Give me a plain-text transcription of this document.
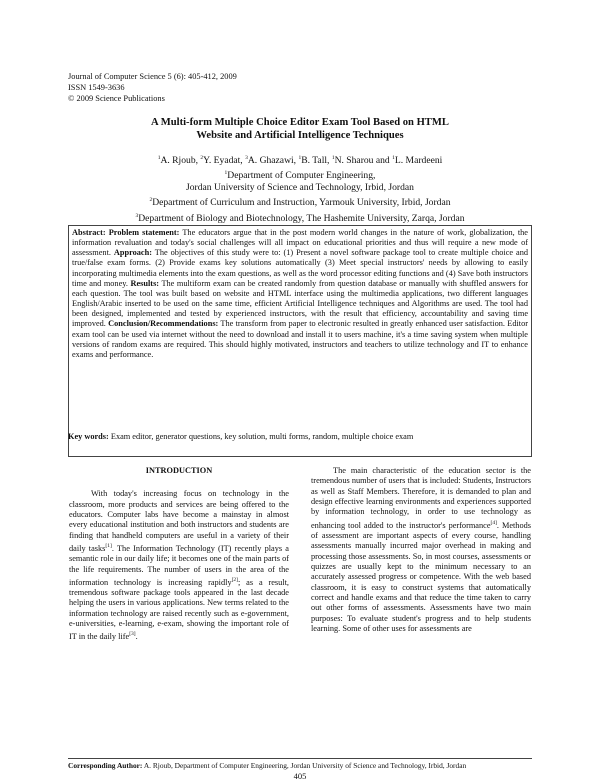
Journal of Computer Science 5 (6): 405-412, 2009
ISSN 1549-3636
© 2009 Science Publications
A Multi-form Multiple Choice Editor Exam Tool Based on HTML
Website and Artificial Intelligence Techniques
$^1$A. Rjoub, $^2$Y. Eyadat, $^3$A. Ghazawi, $^1$B. Tall, $^1$N. Sharou and $^1$L. Mardeeni
$^1$Department of Computer Engineering,
Jordan University of Science and Technology, Irbid, Jordan
$^2$Department of Curriculum and Instruction, Yarmouk University, Irbid, Jordan
$^3$Department of Biology and Biotechnology, The Hashemite University, Zarqa, Jordan
Abstract: Problem statement: The educators argue that in the post modern world changes in the nature of work, globalization, the information revaluation and today's social challenges will all impact on educational priorities and thus will require a new mode of assessment. Approach: The objectives of this study were to: (1) Present a novel software package tool to create multiple choice and true/false exam forms. (2) Provide exams key solutions automatically (3) Meet special instructors' needs by allowing to easily incorporating multimedia elements into the exam questions, as well as the word processor editing functions and (4) Save both instructors time and money. Results: The multiform exam can be created randomly from question database or manually with shuffled answers for each question. The tool was built based on website and HTML interface using the multimedia applications, two different languages English/Arabic inserted to be used on the same time, efficient Artificial Intelligence techniques and Algorithms are used. The tool had been designed, implemented and tested by experienced instructors, with the result that efficiency, accountability and saving time improved. Conclusion/Recommendations: The transform from paper to electronic resulted in greatly enhanced user satisfaction. Editor exam tool can be used via internet without the need to download and install it to users machine, it's a time saving system when multiple versions of random exams are required. This should highly motivated, instructors and teachers to utilize technology and IT to enhance exams and performance.
Key words: Exam editor, generator questions, key solution, multi forms, random, multiple choice exam

INTRODUCTION

With today's increasing focus on technology in the classroom, more products and services are being offered to the educators. Computer labs have become a mainstay in almost every educational institution and both instructors and students are finding that handheld computers are useful in a variety of their daily tasks[1]. The Information Technology (IT) recently plays a semantic role in our daily life; it becomes one of the main parts of the life requirements. The number of users in the area of the information technology is increasing rapidly[2]; as a result, tremendous software package tools appeared in the last decade helping the users in various applications. New terms related to the information technology are raised recently such as e-government, e-universities, e-learning, e-exam, showing the important role of IT in the daily life[3].

The main characteristic of the education sector is the tremendous number of users that is included: Students, Instructors as well as Staff Members. Therefore, it is demanded to plan and design effective learning environments and experiences supported by information technology, in order to use technology as enhancing tool added to the instructor's performance[4]. Methods of assessment are important aspects of every course, handling assessments manually incurred major overhead in making and processing those assessments. So, in most courses, assessments or quizzes are usually kept to the minimum necessary to an accurately assessed progress or competence. With the web based classroom, it is easy to construct systems that automatically correct and handle exams and that reduce the time taken to carry out other forms of assessments. Assessments have two main purposes: To evaluate student's progress and to help students learning. Some of other uses for assessments are

Corresponding Author: A. Rjoub, Department of Computer Engineering, Jordan University of Science and Technology, Irbid, Jordan
405
